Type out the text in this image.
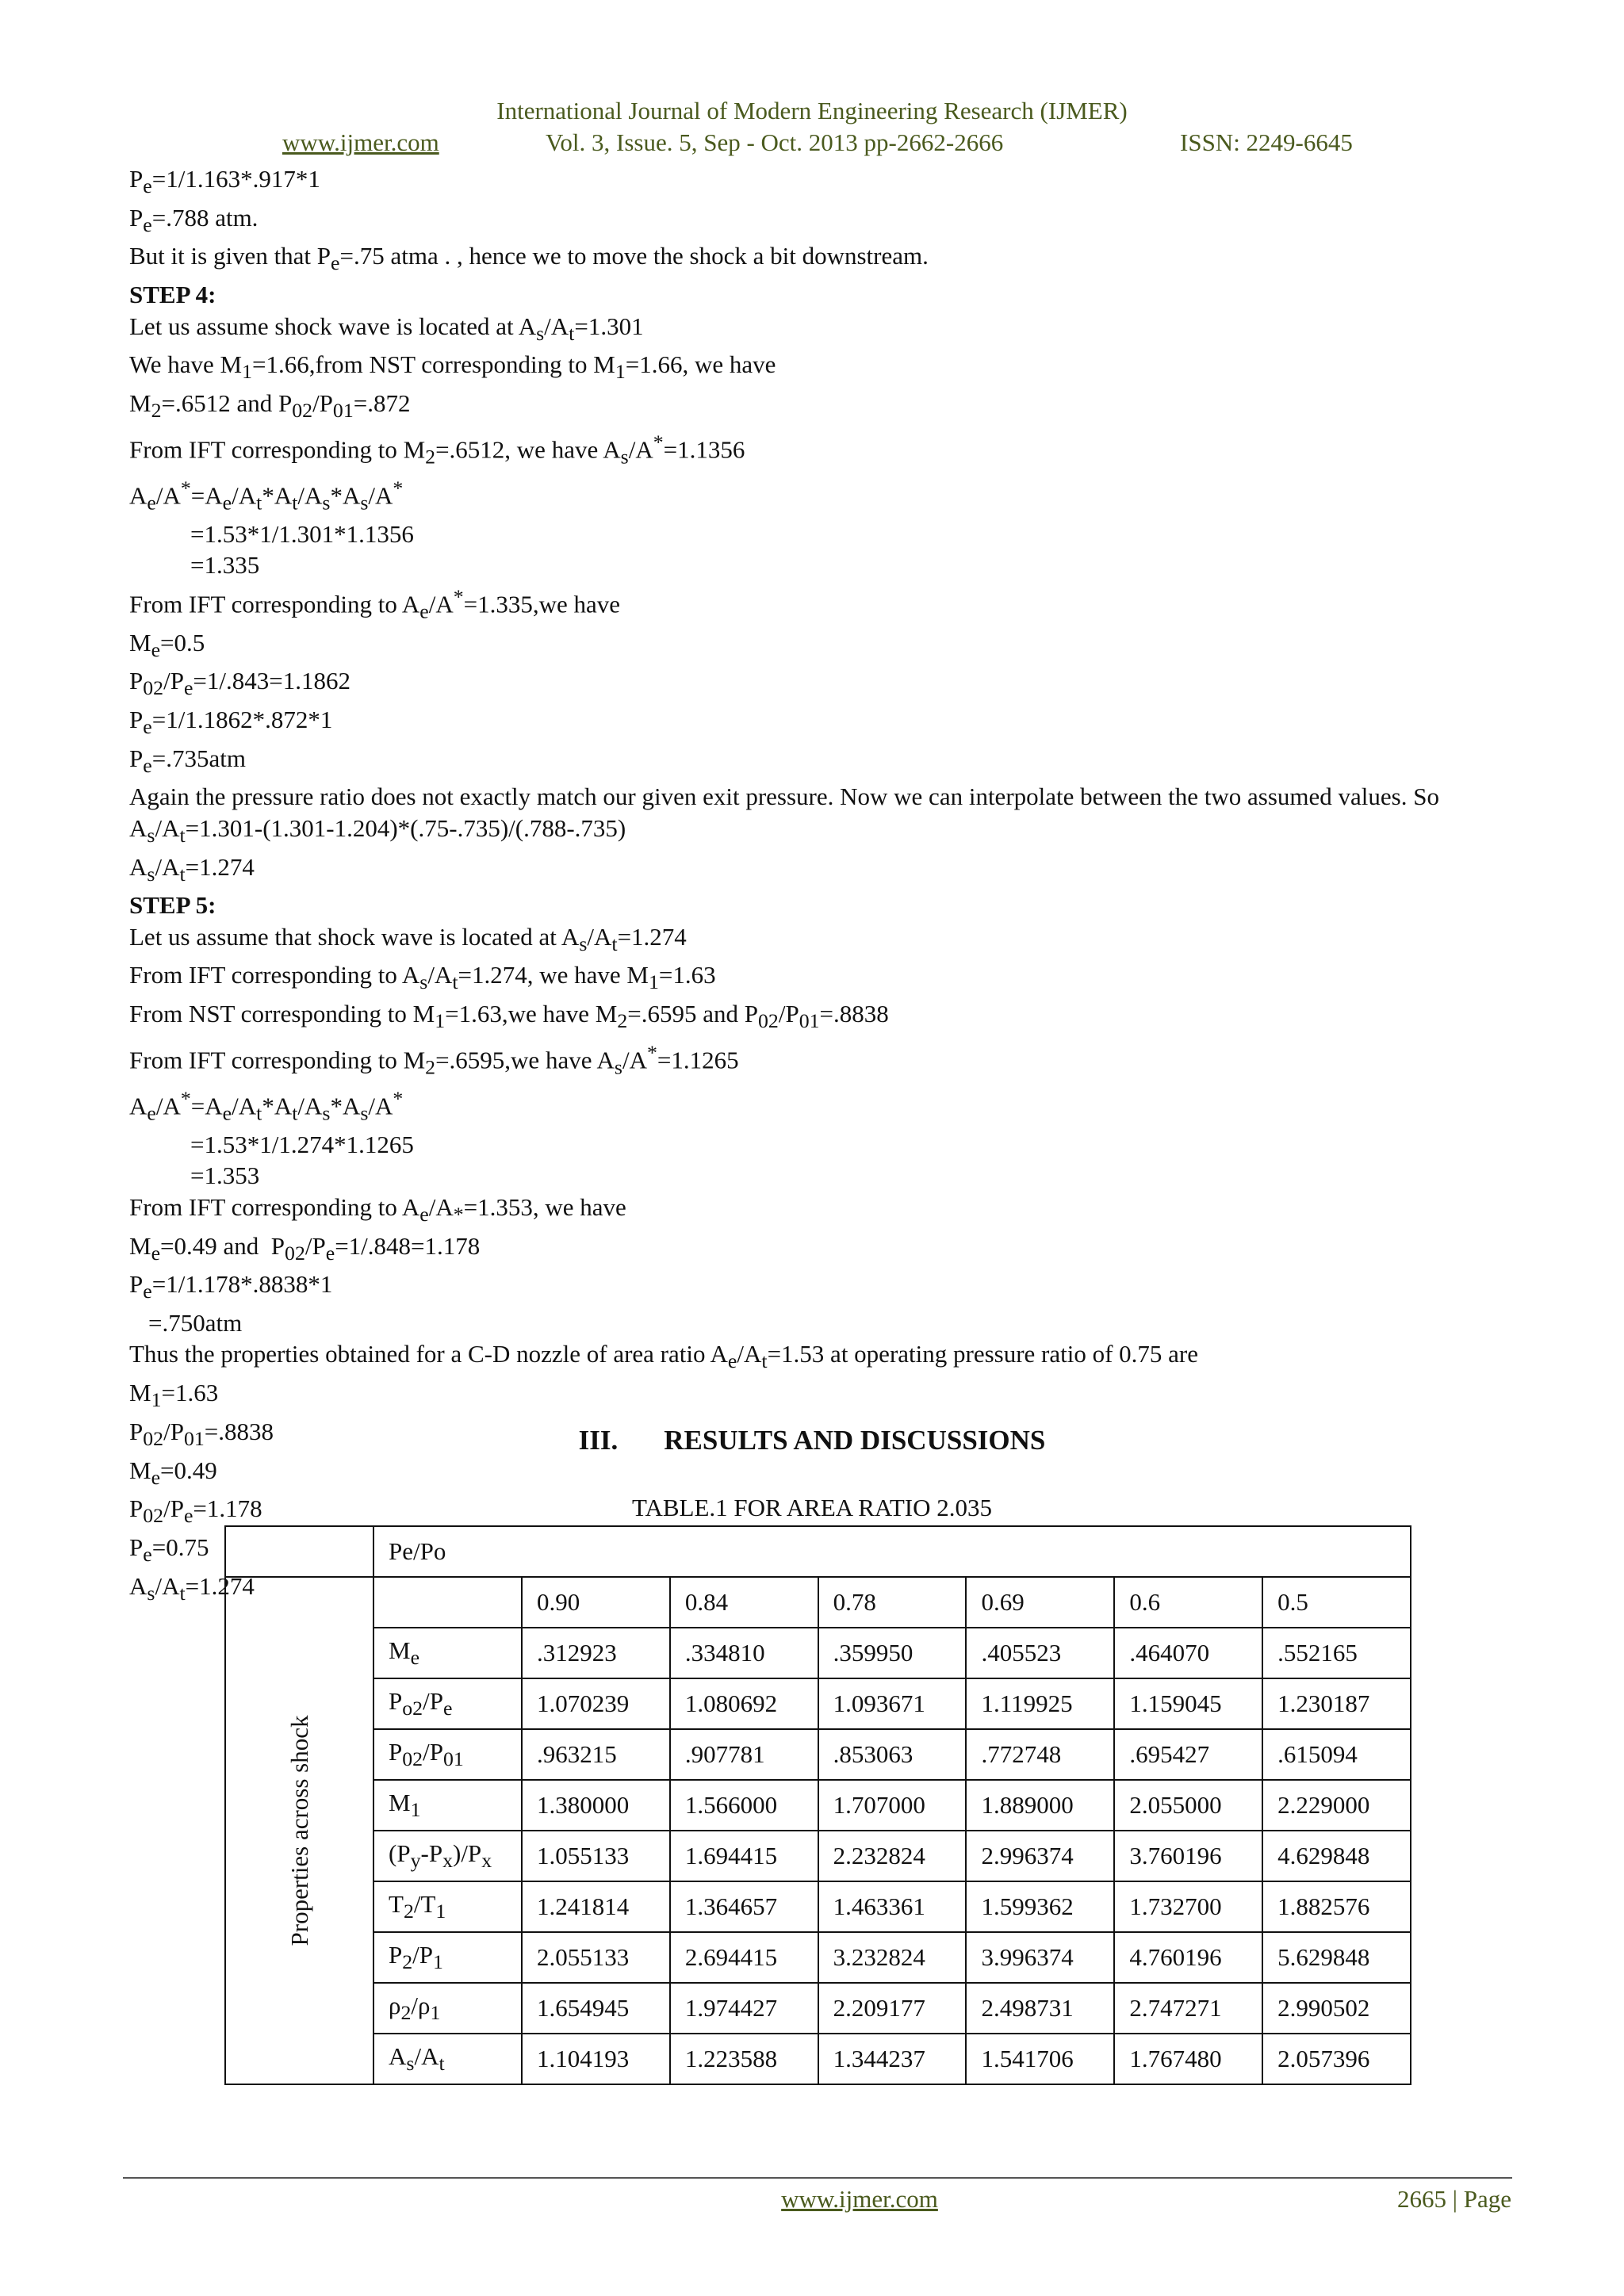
International Journal of Modern Engineering Research (IJMER)
www.ijmer.com	Vol. 3, Issue. 5, Sep - Oct. 2013 pp-2662-2666	ISSN: 2249-6645
$P_e=1/1.163*.917*1$
$P_e=.788$ atm.
But it is given that $P_e=.75$ atma . , hence we to move the shock a bit downstream.
STEP 4:
Let us assume shock wave is located at $A_s/A_t=1.301$
We have $M_1=1.66,from$ NST corresponding to $M_1=1.66$, we have
$M_2=.6512$ and $P_{02}/P_{01}=.872$
From IFT corresponding to $M_2=.6512$, we have $A_s/A^*=1.1356$
$A_e/A^*=A_e/A_t*A_t/A_s*A_s/A^*$
=1.53*1/1.301*1.1356
=1.335
From IFT corresponding to $A_e/A^*=1.335,we$ have
$M_e=0.5$
$P_{02}/P_e=1/.843=1.1862$
$P_e=1/1.1862*.872*1$
$P_e=.735atm$
Again the pressure ratio does not exactly match our given exit pressure. Now we can interpolate between the two assumed values. So
$A_s/A_t=1.301-(1.301-1.204)*(.75-.735)/(.788-.735)$
$A_s/A_t=1.274$
STEP 5:
Let us assume that shock wave is located at $A_s/A_t=1.274$
From IFT corresponding to $A_s/A_t=1.274$, we have $M_1=1.63$
From NST corresponding to $M_1=1.63,we$ have $M_2=.6595$ and $P_{02}/P_{01}=.8838$
From IFT corresponding to $M_2=.6595,we$ have $A_s/A^*=1.1265$
$A_e/A^*=A_e/A_t*A_t/A_s*A_s/A^*$
=1.53*1/1.274*1.1265
=1.353
From IFT corresponding to $A_e/A_*=1.353$, we have
$M_e=0.49$ and  $P_{02}/P_e=1/.848=1.178$
$P_e=1/1.178*.8838*1$
=.750atm
Thus the properties obtained for a C-D nozzle of area ratio $A_e/A_t=1.53$ at operating pressure ratio of 0.75 are
$M_1=1.63$
$P_{02}/P_{01}=.8838$
$M_e=0.49$
$P_{02}/P_e=1.178$
$P_e=0.75$
$A_s/A_t=1.274$
III. RESULTS AND DISCUSSIONS
TABLE.1 FOR AREA RATIO 2.035
	Pe/Po						

Properties across shock		0.90	0.84	0.78	0.69	0.6	0.5
	$M_e$	.312923	.334810	.359950	.405523	.464070	.552165
	$P_{o2}/P_e$	1.070239	1.080692	1.093671	1.119925	1.159045	1.230187
	$P_{02}/P_{01}$	.963215	.907781	.853063	.772748	.695427	.615094
	$M_1$	1.380000	1.566000	1.707000	1.889000	2.055000	2.229000
	$(P_y-P_x)/P_x$	1.055133	1.694415	2.232824	2.996374	3.760196	4.629848
	$T_2/T_1$	1.241814	1.364657	1.463361	1.599362	1.732700	1.882576
	$P_2/P_1$	2.055133	2.694415	3.232824	3.996374	4.760196	5.629848
	$\rho_2/\rho_1$	1.654945	1.974427	2.209177	2.498731	2.747271	2.990502
	$A_s/A_t$	1.104193	1.223588	1.344237	1.541706	1.767480	2.057396
www.ijmer.com	2665 | Page
